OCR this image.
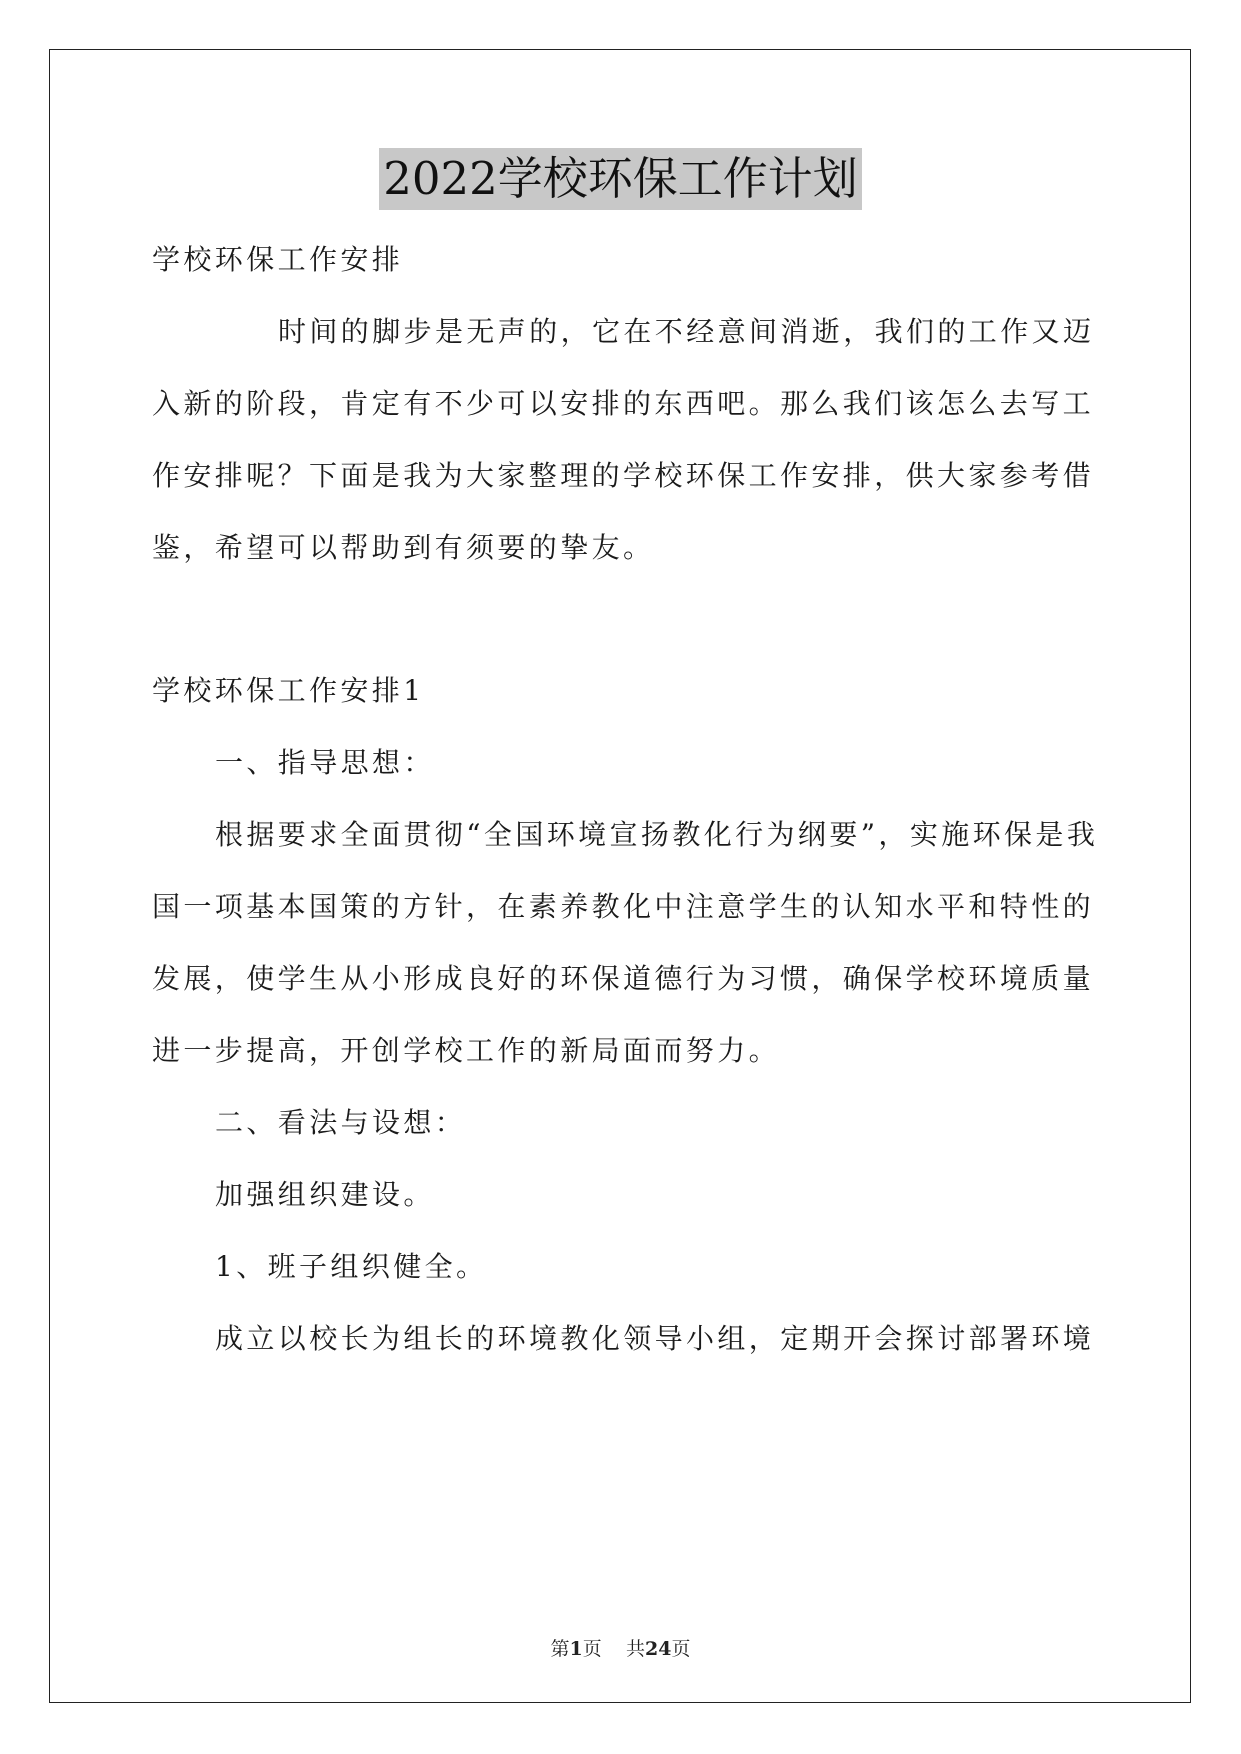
2022学校环保工作计划
学校环保工作安排
时间的脚步是无声的，它在不经意间消逝，我们的工作又迈
入新的阶段，肯定有不少可以安排的东西吧。那么我们该怎么去写工
作安排呢？下面是我为大家整理的学校环保工作安排，供大家参考借
鉴，希望可以帮助到有须要的挚友。
学校环保工作安排1
一、指导思想：
根据要求全面贯彻“全国环境宣扬教化行为纲要”，实施环保是我
国一项基本国策的方针，在素养教化中注意学生的认知水平和特性的
发展，使学生从小形成良好的环保道德行为习惯，确保学校环境质量
进一步提高，开创学校工作的新局面而努力。
二、看法与设想：
加强组织建设。
1、班子组织健全。
成立以校长为组长的环境教化领导小组，定期开会探讨部署环境
第1页 共24页
